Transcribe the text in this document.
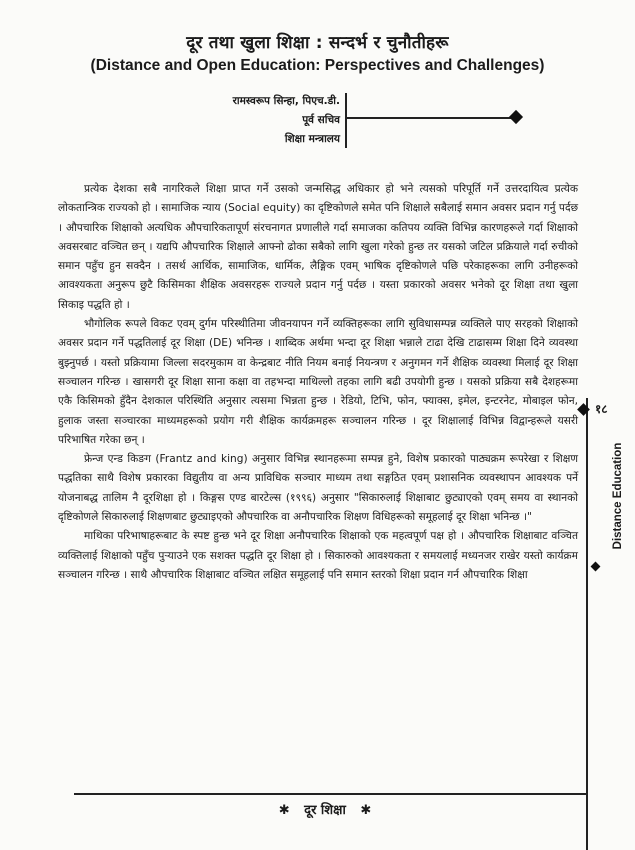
दूर तथा खुला शिक्षा : सन्दर्भ र चुनौतीहरू
(Distance and Open Education: Perspectives and Challenges)
रामस्वरूप सिन्हा, पिएच.डी.
पूर्व सचिव
शिक्षा मन्त्रालय

प्रत्येक देशका सबै नागरिकले शिक्षा प्राप्त गर्ने उसको जन्मसिद्ध अधिकार हो भने त्यसको परिपूर्ति गर्ने उत्तरदायित्व प्रत्येक लोकतान्त्रिक राज्यको हो । सामाजिक न्याय (Social equity) का दृष्टिकोणले समेत पनि शिक्षाले सबैलाई समान अवसर प्रदान गर्नु पर्दछ । औपचारिक शिक्षाको अत्यधिक औपचारिकतापूर्ण संरचनागत प्रणालीले गर्दा समाजका कतिपय व्यक्ति विभिन्न कारणहरूले गर्दा शिक्षाको अवसरबाट वञ्चित छन् । यद्यपि औपचारिक शिक्षाले आफ्नो ढोका सबैको लागि खुला गरेको हुन्छ तर यसको जटिल प्रक्रियाले गर्दा रुचीको समान पहुँच हुन सक्दैन । तसर्थ आर्थिक, सामाजिक, धार्मिक, लैङ्गिक एवम् भाषिक दृष्टिकोणले पछि परेकाहरूका लागि उनीहरूको आवश्यकता अनुरूप छुटै किसिमका शैक्षिक अवसरहरू राज्यले प्रदान गर्नु पर्दछ । यस्ता प्रकारको अवसर भनेको दूर शिक्षा तथा खुला सिकाइ पद्धति हो ।

भौगोलिक रूपले विकट एवम् दुर्गम परिस्थीतिमा जीवनयापन गर्ने व्यक्तिहरूका लागि सुविधासम्पन्न व्यक्तिले पाए सरहको शिक्षाको अवसर प्रदान गर्ने पद्धतिलाई दूर शिक्षा (DE) भनिन्छ । शाब्दिक अर्थमा भन्दा दूर शिक्षा भन्नाले टाढा देखि टाढासम्म शिक्षा दिने व्यवस्था बुझ्नुपर्छ । यस्तो प्रक्रियामा जिल्ला सदरमुकाम वा केन्द्रबाट नीति नियम बनाई नियन्त्रण र अनुगमन गर्ने शैक्षिक व्यवस्था मिलाई दूर शिक्षा सञ्चालन गरिन्छ । खासगरी दूर शिक्षा साना कक्षा वा तहभन्दा माथिल्लो तहका लागि बढी उपयोगी हुन्छ । यसको प्रक्रिया सबै देशहरूमा एकै किसिमको हुँदैन देशकाल परिस्थिति अनुसार त्यसमा भिन्नता हुन्छ । रेडियो, टिभि, फोन, फ्याक्स, इमेल, इन्टरनेट, मोबाइल फोन, हुलाक जस्ता सञ्चारका माध्यमहरूको प्रयोग गरी शैक्षिक कार्यक्रमहरू सञ्चालन गरिन्छ । दूर शिक्षालाई विभिन्न विद्वान्हरूले यसरी परिभाषित गरेका छन् ।

फ्रेन्ज एन्ड किङग (Frantz and king) अनुसार विभिन्न स्थानहरूमा सम्पन्न हुने, विशेष प्रकारको पाठ्यक्रम रूपरेखा र शिक्षण पद्धतिका साथै विशेष प्रकारका विद्युतीय वा अन्य प्राविधिक सञ्चार माध्यम तथा सङ्गठित एवम् प्रशासनिक व्यवस्थापन आवश्यक पर्ने योजनाबद्ध तालिम नै दूरशिक्षा हो । किङ्गस एण्ड बारटेल्स (१९९६) अनुसार "सिकारुलाई शिक्षाबाट छुट्याएको एवम् समय वा स्थानको दृष्टिकोणले सिकारुलाई शिक्षणबाट छुट्याइएको औपचारिक वा अनौपचारिक शिक्षण विधिहरूको समूहलाई दूर शिक्षा भनिन्छ ।"

माथिका परिभाषाहरूबाट के स्पष्ट हुन्छ भने दूर शिक्षा अनौपचारिक शिक्षाको एक महत्वपूर्ण पक्ष हो । औपचारिक शिक्षाबाट वञ्चित व्यक्तिलाई शिक्षाको पहुँच पुऱ्याउने एक सशक्त पद्धति दूर शिक्षा हो । सिकारुको आवश्यकता र समयलाई मध्यनजर राखेर यस्तो कार्यक्रम सञ्चालन गरिन्छ । साथै औपचारिक शिक्षाबाट वञ्चित लक्षित समूहलाई पनि समान स्तरको शिक्षा प्रदान गर्न औपचारिक शिक्षा

१८
Distance Education
✱ दूर शिक्षा ✱
